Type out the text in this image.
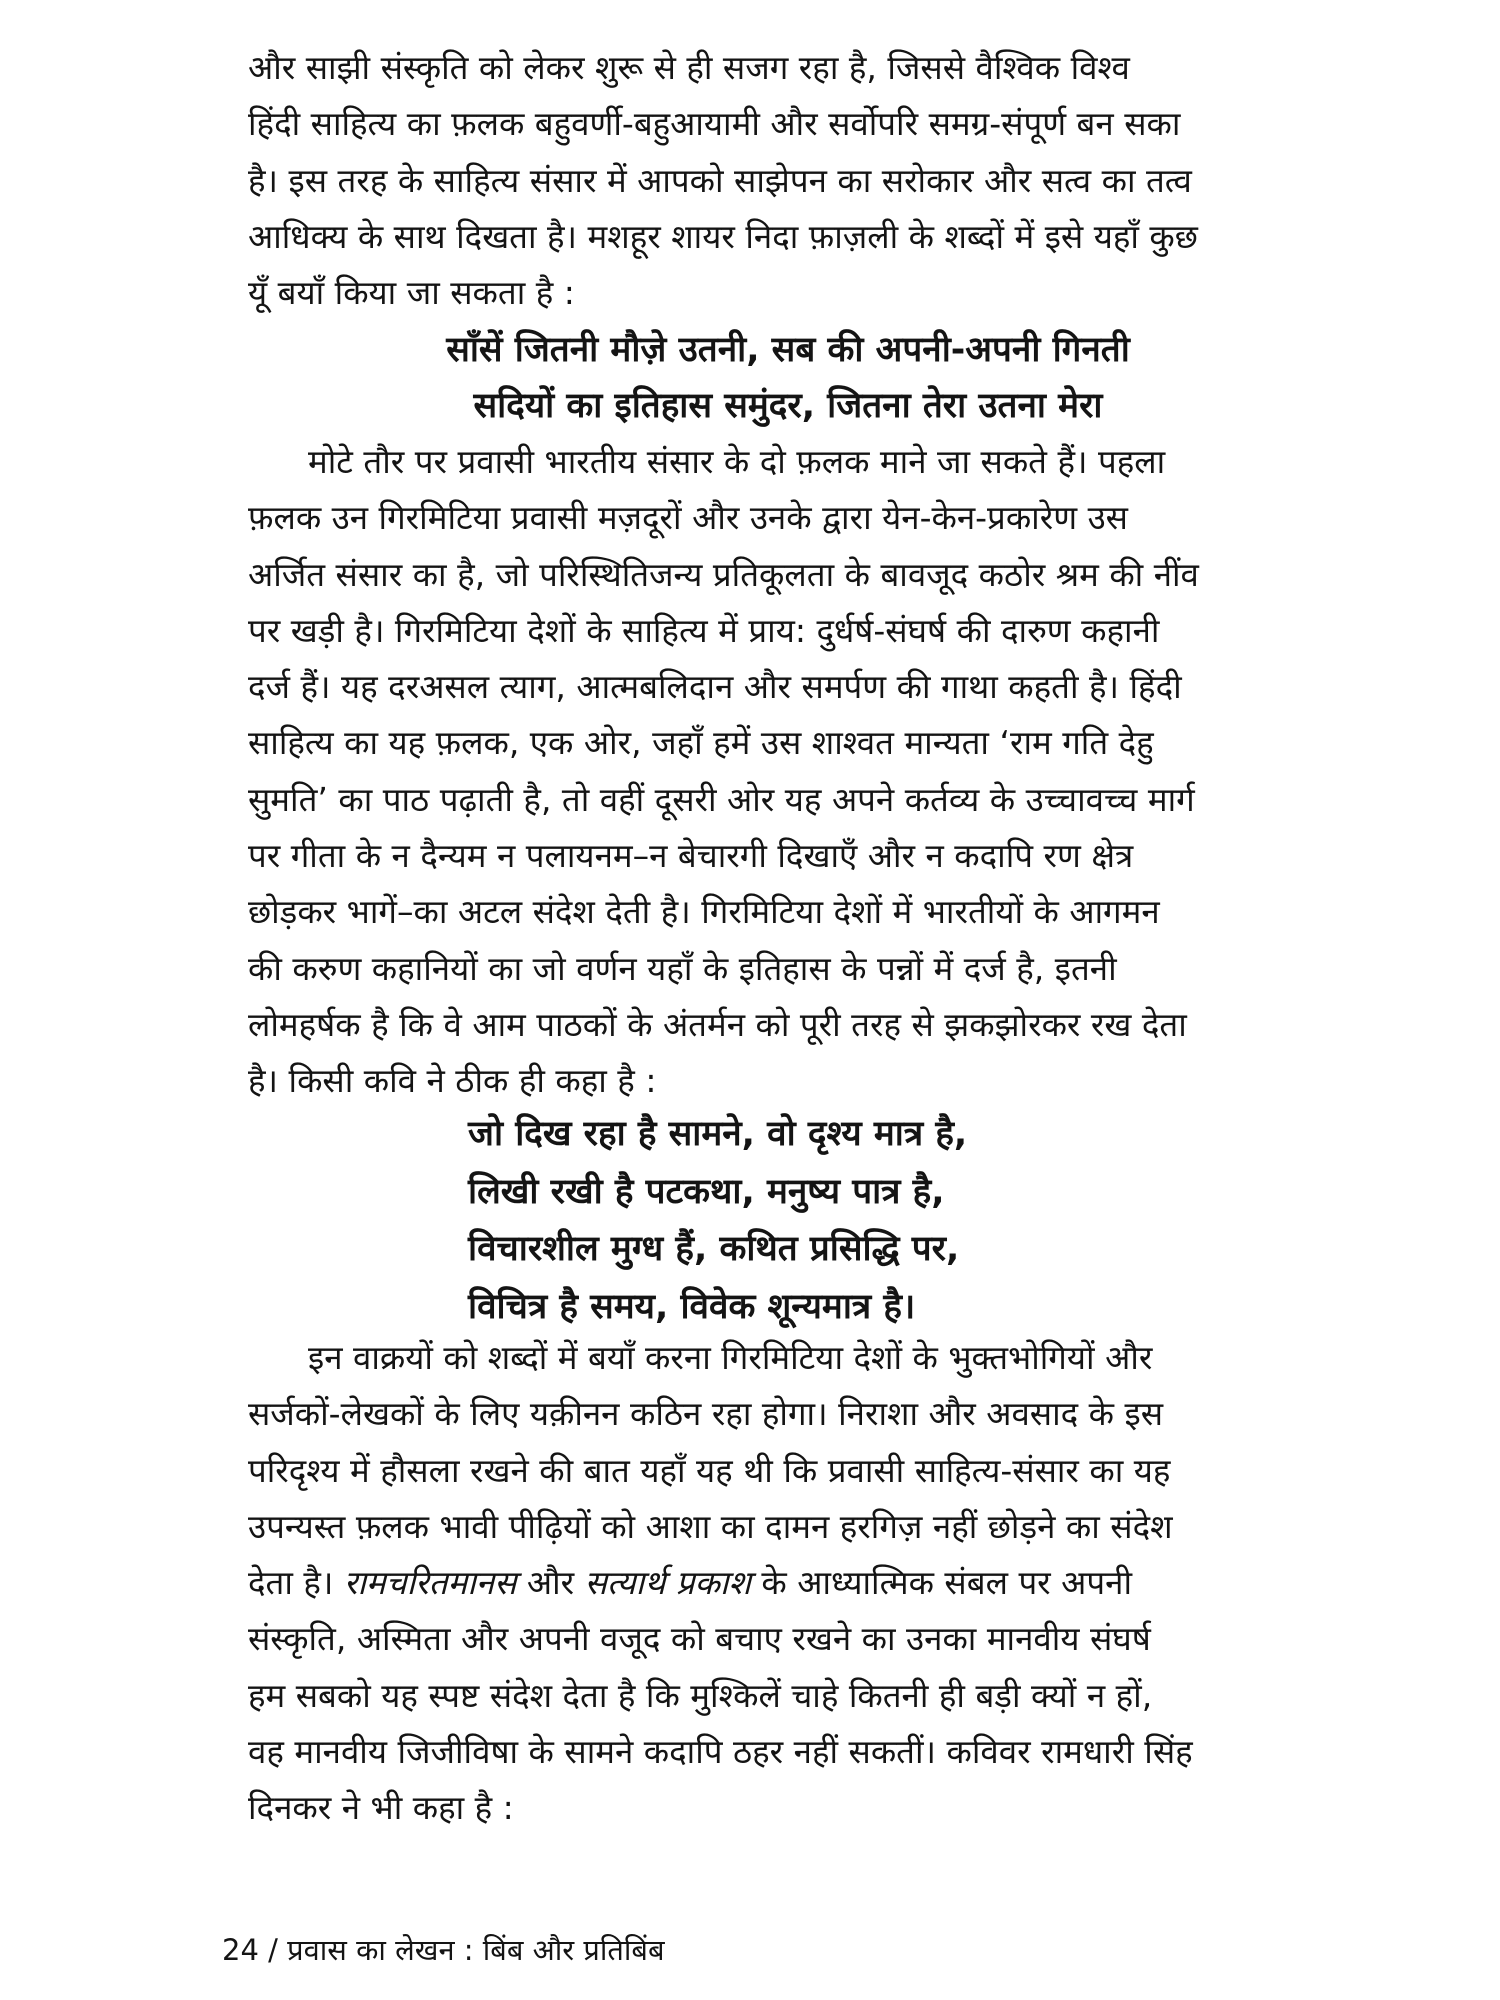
और साझी संस्कृति को लेकर शुरू से ही सजग रहा है, जिससे वैश्विक विश्व
हिंदी साहित्य का फ़लक बहुवर्णी-बहुआयामी और सर्वोपरि समग्र-संपूर्ण बन सका
है। इस तरह के साहित्य संसार में आपको साझेपन का सरोकार और सत्व का तत्व
आधिक्य के साथ दिखता है। मशहूर शायर निदा फ़ाज़ली के शब्दों में इसे यहाँ कुछ
यूँ बयाँ किया जा सकता है :

साँसें जितनी मौज़े उतनी, सब की अपनी-अपनी गिनती
सदियों का इतिहास समुंदर, जितना तेरा उतना मेरा

मोटे तौर पर प्रवासी भारतीय संसार के दो फ़लक माने जा सकते हैं। पहला
फ़लक उन गिरमिटिया प्रवासी मज़दूरों और उनके द्वारा येन-केन-प्रकारेण उस
अर्जित संसार का है, जो परिस्थितिजन्य प्रतिकूलता के बावजूद कठोर श्रम की नींव
पर खड़ी है। गिरमिटिया देशों के साहित्य में प्राय: दुर्धर्ष-संघर्ष की दारुण कहानी
दर्ज हैं। यह दरअसल त्याग, आत्मबलिदान और समर्पण की गाथा कहती है। हिंदी
साहित्य का यह फ़लक, एक ओर, जहाँ हमें उस शाश्वत मान्यता ‘राम गति देहु
सुमति’ का पाठ पढ़ाती है, तो वहीं दूसरी ओर यह अपने कर्तव्य के उच्चावच्च मार्ग
पर गीता के न दैन्यम न पलायनम–न बेचारगी दिखाएँ और न कदापि रण क्षेत्र
छोड़कर भागें–का अटल संदेश देती है। गिरमिटिया देशों में भारतीयों के आगमन
की करुण कहानियों का जो वर्णन यहाँ के इतिहास के पन्नों में दर्ज है, इतनी
लोमहर्षक है कि वे आम पाठकों के अंतर्मन को पूरी तरह से झकझोरकर रख देता
है। किसी कवि ने ठीक ही कहा है :

जो दिख रहा है सामने, वो दृश्य मात्र है,
लिखी रखी है पटकथा, मनुष्य पात्र है,
विचारशील मुग्ध हैं, कथित प्रसिद्धि पर,
विचित्र है समय, विवेक शून्यमात्र है।

इन वाक्रयों को शब्दों में बयाँ करना गिरमिटिया देशों के भुक्तभोगियों और
सर्जकों-लेखकों के लिए यक़ीनन कठिन रहा होगा। निराशा और अवसाद के इस
परिदृश्य में हौसला रखने की बात यहाँ यह थी कि प्रवासी साहित्य-संसार का यह
उपन्यस्त फ़लक भावी पीढ़ियों को आशा का दामन हरगिज़ नहीं छोड़ने का संदेश
देता है। रामचरितमानस और सत्यार्थ प्रकाश के आध्यात्मिक संबल पर अपनी
संस्कृति, अस्मिता और अपनी वजूद को बचाए रखने का उनका मानवीय संघर्ष
हम सबको यह स्पष्ट संदेश देता है कि मुश्किलें चाहे कितनी ही बड़ी क्यों न हों,
वह मानवीय जिजीविषा के सामने कदापि ठहर नहीं सकतीं। कविवर रामधारी सिंह
दिनकर ने भी कहा है :

24 / प्रवास का लेखन : बिंब और प्रतिबिंब
